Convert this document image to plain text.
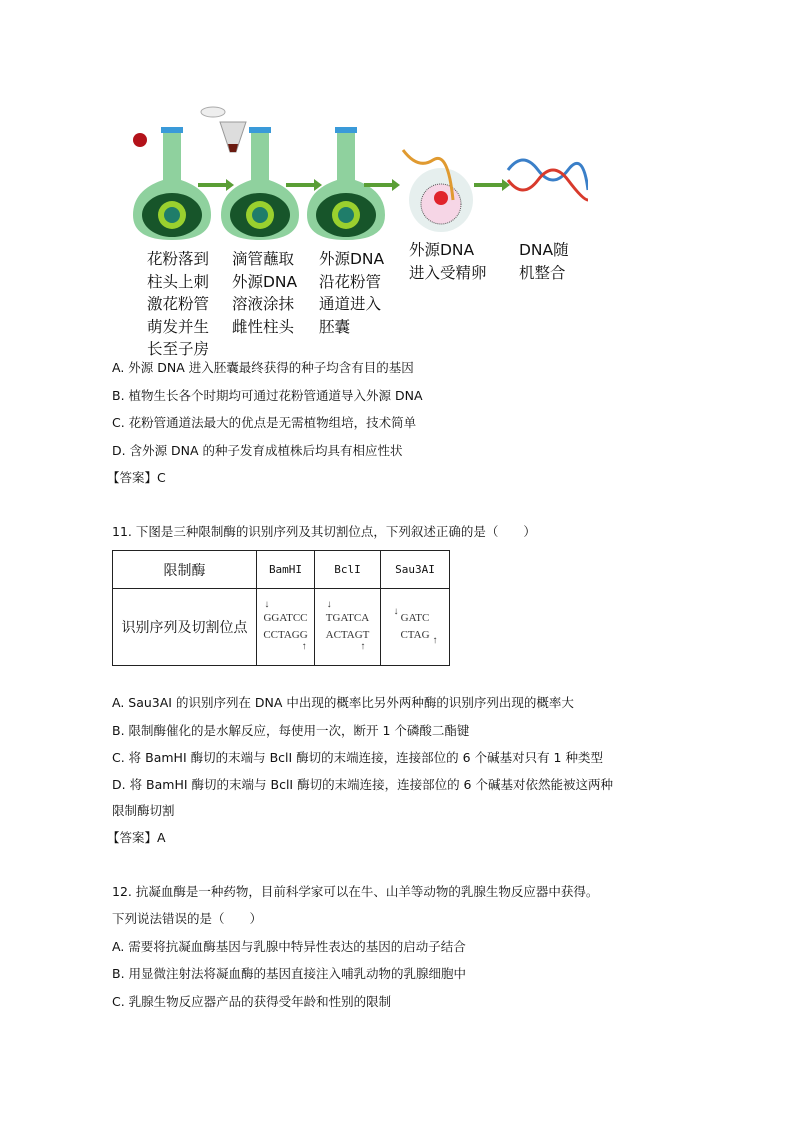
花粉落到
柱头上刺
激花粉管
萌发并生
长至子房
滴管蘸取
外源DNA
溶液涂抹
雌性柱头
外源DNA
沿花粉管
通道进入
胚囊
外源DNA
进入受精卵
DNA随
机整合
A. 外源 DNA 进入胚囊最终获得的种子均含有目的基因
B. 植物生长各个时期均可通过花粉管通道导入外源 DNA
C. 花粉管通道法最大的优点是无需植物组培，技术简单
D. 含外源 DNA 的种子发育成植株后均具有相应性状
【答案】C
11. 下图是三种限制酶的识别序列及其切割位点，下列叙述正确的是（　　）
限制酶	BamHI	BclI	Sau3AI
识别序列及切割位点	↓
GGATCC
CCTAGG
↑	↓
TGATCA
ACTAGT
↑	↓
GATC
CTAG ↑
A. Sau3AI 的识别序列在 DNA 中出现的概率比另外两种酶的识别序列出现的概率大
B. 限制酶催化的是水解反应，每使用一次，断开 1 个磷酸二酯键
C. 将 BamHI 酶切的末端与 BclI 酶切的末端连接，连接部位的 6 个碱基对只有 1 种类型
D. 将 BamHI 酶切的末端与 BclI 酶切的末端连接，连接部位的 6 个碱基对依然能被这两种
限制酶切割
【答案】A
12. 抗凝血酶是一种药物，目前科学家可以在牛、山羊等动物的乳腺生物反应器中获得。
下列说法错误的是（　　）
A. 需要将抗凝血酶基因与乳腺中特异性表达的基因的启动子结合
B. 用显微注射法将凝血酶的基因直接注入哺乳动物的乳腺细胞中
C. 乳腺生物反应器产品的获得受年龄和性别的限制
